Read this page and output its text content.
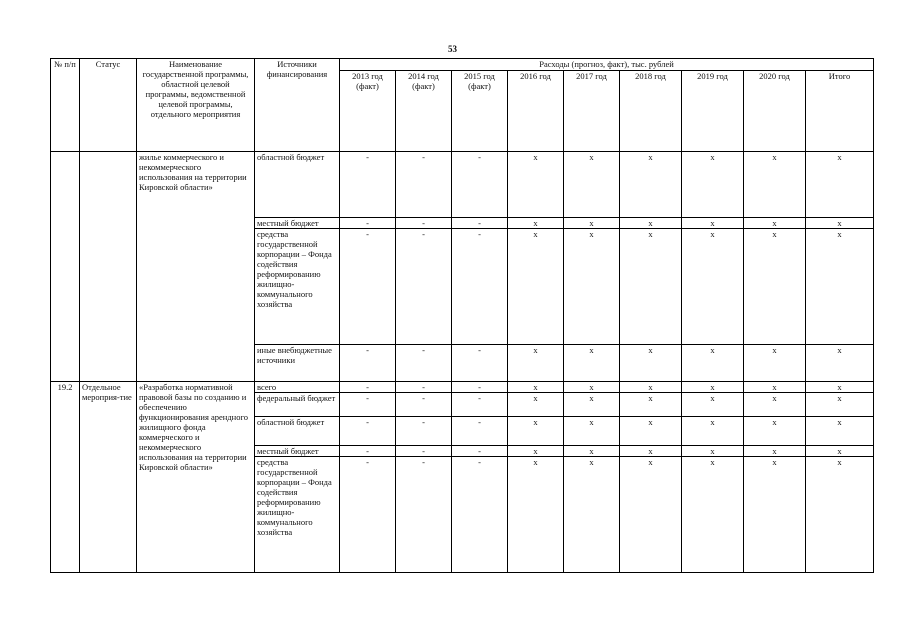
53
№ п/п	Статус	Наименование государственной программы, областной целевой программы, ведомственной целевой программы, отдельного мероприятия	Источники финансирования	Расходы (прогноз, факт), тыс. рублей								
				2013 год (факт)	2014 год (факт)	2015 год (факт)	2016 год	2017 год	2018 год	2019 год	2020 год	Итого
		жилье коммерческого и некоммерческого использования на территории Кировской области»	областной бюджет	-	-	-	x	x	x	x	x	x
			местный бюджет	-	-	-	x	x	x	x	x	x
			средства государственной корпорации – Фонда содействия реформированию жилищно-коммунального хозяйства	-	-	-	x	x	x	x	x	x
			иные внебюджетные источники	-	-	-	x	x	x	x	x	x
19.2	Отдельное мероприя-тие	«Разработка нормативной правовой базы по созданию и обеспечению функционирования арендного жилищного фонда коммерческого и некоммерческого использования на территории Кировской области»	всего	-	-	-	x	x	x	x	x	x
			федеральный бюджет	-	-	-	x	x	x	x	x	x
			областной бюджет	-	-	-	x	x	x	x	x	x
			местный бюджет	-	-	-	x	x	x	x	x	x
			средства государственной корпорации – Фонда содействия реформированию жилищно-коммунального хозяйства	-	-	-	x	x	x	x	x	x
